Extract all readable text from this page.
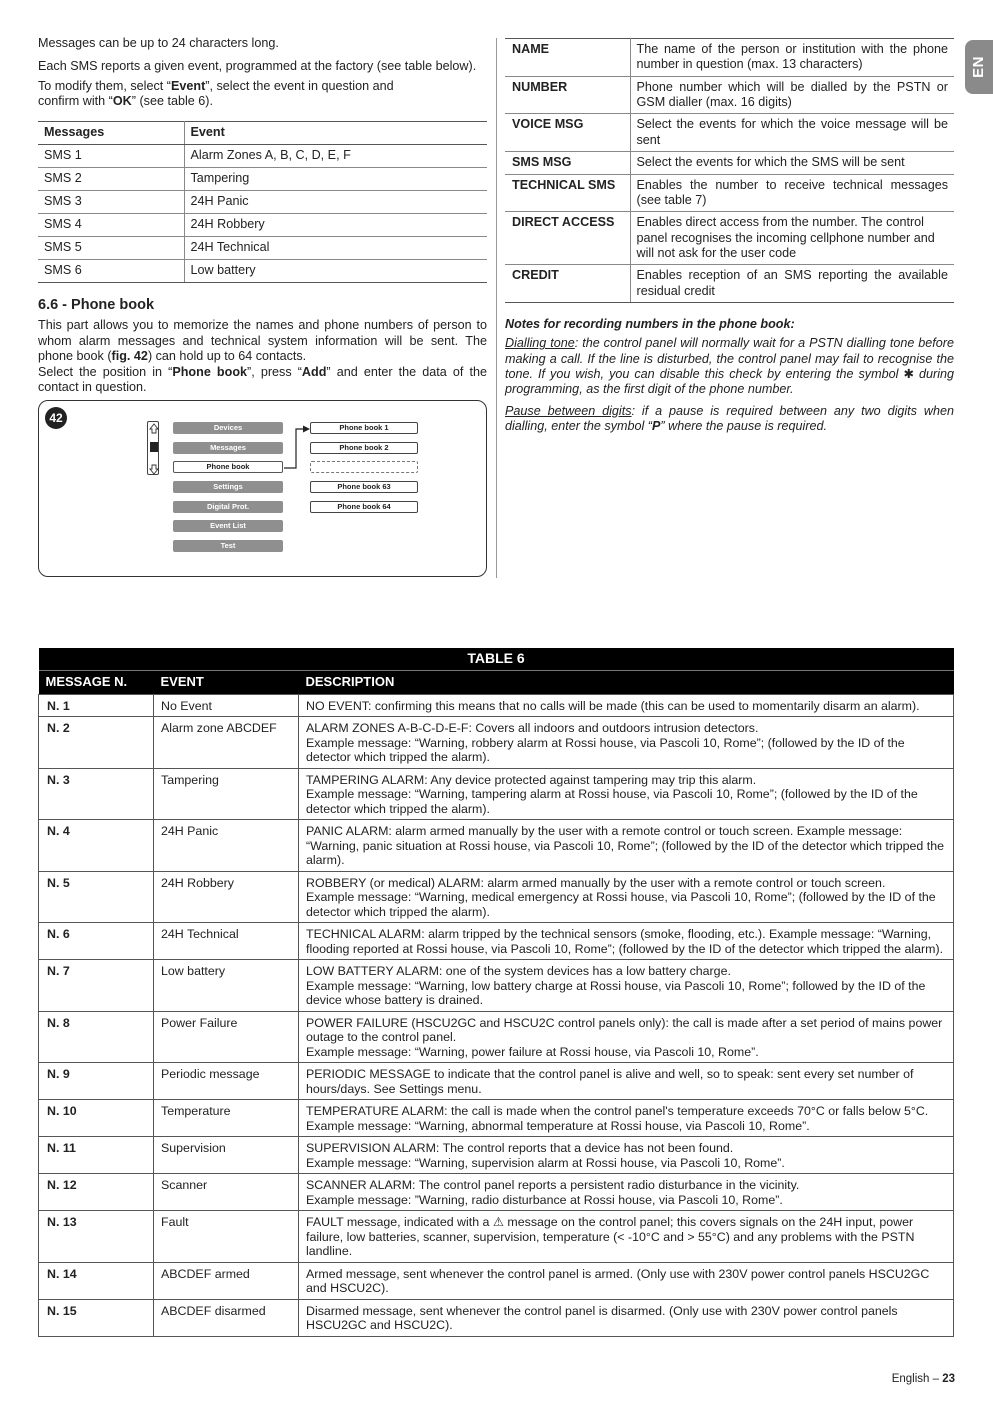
EN

Messages can be up to 24 characters long.

Each SMS reports a given event, programmed at the factory (see table below).

To modify them, select “Event”, select the event in question and
confirm with “OK” (see table 6).

Messages	Event
SMS 1	Alarm Zones A, B, C, D, E, F
SMS 2	Tampering
SMS 3	24H Panic
SMS 4	24H Robbery
SMS 5	24H Technical
SMS 6	Low battery
6.6 - Phone book

This part allows you to memorize the names and phone numbers of person to whom alarm messages and technical system information will be sent. The phone book (fig. 42) can hold up to 64 contacts.
Select the position in “Phone book”, press “Add” and enter the data of the contact in question.

42
Devices
Messages
Phone book
Settings
Digital Prot.
Event List
Test
Phone book 1
Phone book 2
Phone book 63
Phone book 64
NAME	The name of the person or institution with the phone number in question (max. 13 characters)
NUMBER	Phone number which will be dialled by the PSTN or GSM dialler (max. 16 digits)
VOICE MSG	Select the events for which the voice message will be sent
SMS MSG	Select the events for which the SMS will be sent
TECHNICAL SMS	Enables the number to receive technical messages (see table 7)
DIRECT ACCESS	Enables direct access from the number. The control panel recognises the incoming cellphone number and will not ask for the user code
CREDIT	Enables reception of an SMS reporting the available residual credit

Notes for recording numbers in the phone book:

Dialling tone: the control panel will normally wait for a PSTN dialling tone before making a call. If the line is disturbed, the control panel may fail to recognise the tone. If you wish, you can disable this check by entering the symbol ✱ during programming, as the first digit of the phone number.

Pause between digits: if a pause is required between any two digits when dialling, enter the symbol “P” where the pause is required.

TABLE 6		
MESSAGE N.	EVENT	DESCRIPTION
N. 1	No Event	NO EVENT: confirming this means that no calls will be made (this can be used to momentarily disarm an alarm).
N. 2	Alarm zone ABCDEF	ALARM ZONES A-B-C-D-E-F: Covers all indoors and outdoors intrusion detectors.
Example message: “Warning, robbery alarm at Rossi house, via Pascoli 10, Rome”; (followed by the ID of the detector which tripped the alarm).
N. 3	Tampering	TAMPERING ALARM: Any device protected against tampering may trip this alarm.
Example message: “Warning, tampering alarm at Rossi house, via Pascoli 10, Rome”; (followed by the ID of the detector which tripped the alarm).
N. 4	24H Panic	PANIC ALARM: alarm armed manually by the user with a remote control or touch screen. Example message: “Warning, panic situation at Rossi house, via Pascoli 10, Rome”; (followed by the ID of the detector which tripped the alarm).
N. 5	24H Robbery	ROBBERY (or medical) ALARM: alarm armed manually by the user with a remote control or touch screen.
Example message: “Warning, medical emergency at Rossi house, via Pascoli 10, Rome”; (followed by the ID of the detector which tripped the alarm).
N. 6	24H Technical	TECHNICAL ALARM: alarm tripped by the technical sensors (smoke, flooding, etc.). Example message: “Warning, flooding reported at Rossi house, via Pascoli 10, Rome”; (followed by the ID of the detector which tripped the alarm).
N. 7	Low battery	LOW BATTERY ALARM: one of the system devices has a low battery charge.
Example message: “Warning, low battery charge at Rossi house, via Pascoli 10, Rome”; followed by the ID of the device whose battery is drained.
N. 8	Power Failure	POWER FAILURE (HSCU2GC and HSCU2C control panels only): the call is made after a set period of mains power outage to the control panel.
Example message: “Warning, power failure at Rossi house, via Pascoli 10, Rome”.
N. 9	Periodic message	PERIODIC MESSAGE to indicate that the control panel is alive and well, so to speak: sent every set number of hours/days. See Settings menu.
N. 10	Temperature	TEMPERATURE ALARM: the call is made when the control panel's temperature exceeds 70°C or falls below 5°C.
Example message: “Warning, abnormal temperature at Rossi house, via Pascoli 10, Rome”.
N. 11	Supervision	SUPERVISION ALARM: The control reports that a device has not been found.
Example message: “Warning, supervision alarm at Rossi house, via Pascoli 10, Rome”.
N. 12	Scanner	SCANNER ALARM: The control panel reports a persistent radio disturbance in the vicinity.
Example message: ”Warning, radio disturbance at Rossi house, via Pascoli 10, Rome”.
N. 13	Fault	FAULT message, indicated with a ⚠ message on the control panel; this covers signals on the 24H input, power failure, low batteries, scanner, supervision, temperature (< -10°C and > 55°C) and any problems with the PSTN landline.
N. 14	ABCDEF armed	Armed message, sent whenever the control panel is armed. (Only use with 230V power control panels HSCU2GC and HSCU2C).
N. 15	ABCDEF disarmed	Disarmed message, sent whenever the control panel is disarmed. (Only use with 230V power control panels HSCU2GC and HSCU2C).
English – 23
